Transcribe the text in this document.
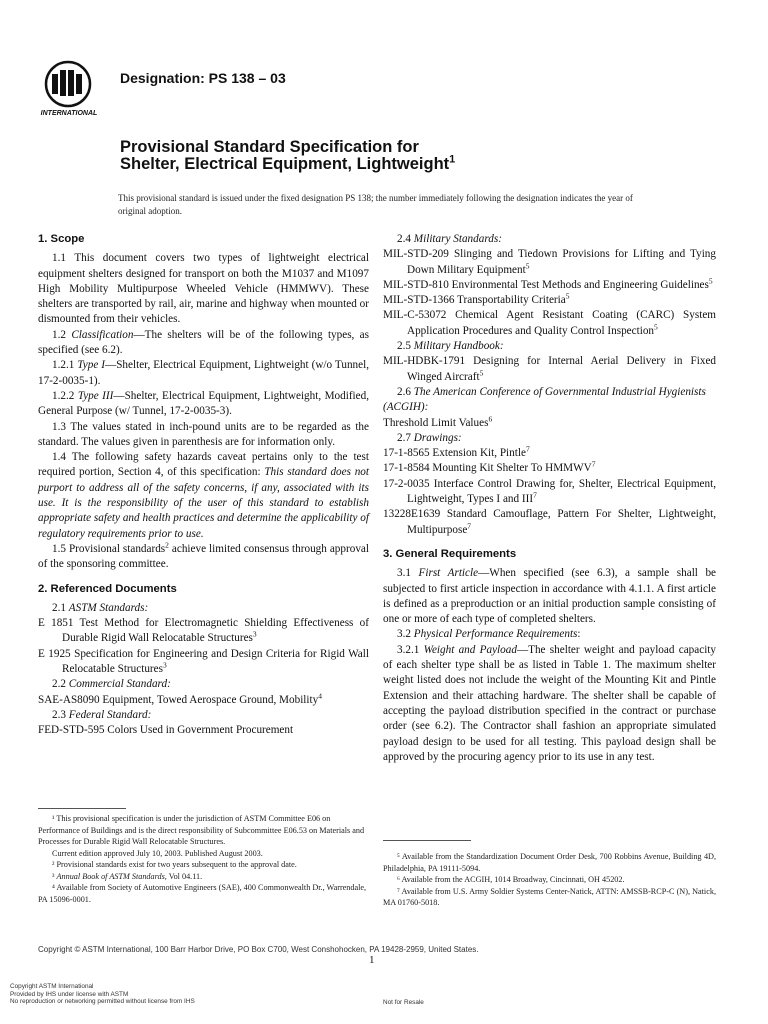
INTERNATIONAL
Designation: PS 138 – 03
Provisional Standard Specification for
Shelter, Electrical Equipment, Lightweight$^1$
This provisional standard is issued under the fixed designation PS 138; the number immediately following the designation indicates the year of original adoption.
1. Scope

1.1 This document covers two types of lightweight electrical equipment shelters designed for transport on both the M1037 and M1097 High Mobility Multipurpose Wheeled Vehicle (HMMWV). These shelters are transported by rail, air, marine and highway when mounted or dismounted from their vehicles.

1.2 Classification—The shelters will be of the following types, as specified (see 6.2).

1.2.1 Type I—Shelter, Electrical Equipment, Lightweight (w/o Tunnel, 17-2-0035-1).

1.2.2 Type III—Shelter, Electrical Equipment, Lightweight, Modified, General Purpose (w/ Tunnel, 17-2-0035-3).

1.3 The values stated in inch-pound units are to be regarded as the standard. The values given in parenthesis are for information only.

1.4 The following safety hazards caveat pertains only to the test required portion, Section 4, of this specification: This standard does not purport to address all of the safety concerns, if any, associated with its use. It is the responsibility of the user of this standard to establish appropriate safety and health practices and determine the applicability of regulatory requirements prior to use.

1.5 Provisional standards$^2$ achieve limited consensus through approval of the sponsoring committee.

2. Referenced Documents

2.1 ASTM Standards:

E 1851 Test Method for Electromagnetic Shielding Effectiveness of Durable Rigid Wall Relocatable Structures$^3$

E 1925 Specification for Engineering and Design Criteria for Rigid Wall Relocatable Structures$^3$

2.2 Commercial Standard:

SAE-AS8090 Equipment, Towed Aerospace Ground, Mobility$^4$

2.3 Federal Standard:

FED-STD-595 Colors Used in Government Procurement

2.4 Military Standards:

MIL-STD-209 Slinging and Tiedown Provisions for Lifting and Tying Down Military Equipment$^5$

MIL-STD-810 Environmental Test Methods and Engineering Guidelines$^5$

MIL-STD-1366 Transportability Criteria$^5$

MIL-C-53072 Chemical Agent Resistant Coating (CARC) System Application Procedures and Quality Control Inspection$^5$

2.5 Military Handbook:

MIL-HDBK-1791 Designing for Internal Aerial Delivery in Fixed Winged Aircraft$^5$

2.6 The American Conference of Governmental Industrial Hygienists (ACGIH):

Threshold Limit Values$^6$

2.7 Drawings:

17-1-8565 Extension Kit, Pintle$^7$

17-1-8584 Mounting Kit Shelter To HMMWV$^7$

17-2-0035 Interface Control Drawing for, Shelter, Electrical Equipment, Lightweight, Types I and III$^7$

13228E1639 Standard Camouflage, Pattern For Shelter, Lightweight, Multipurpose$^7$

3. General Requirements

3.1 First Article—When specified (see 6.3), a sample shall be subjected to first article inspection in accordance with 4.1.1. A first article is defined as a preproduction or an initial production sample consisting of one or more of each type of completed shelters.

3.2 Physical Performance Requirements:

3.2.1 Weight and Payload—The shelter weight and payload capacity of each shelter type shall be as listed in Table 1. The maximum shelter weight listed does not include the weight of the Mounting Kit and Pintle Extension and their attaching hardware. The shelter shall be capable of accepting the payload distribution specified in the contract or purchase order (see 6.2). The Contractor shall fashion an appropriate simulated payload design to be used for all testing. This payload design shall be approved by the procuring agency prior to its use in any test.

¹ This provisional specification is under the jurisdiction of ASTM Committee E06 on Performance of Buildings and is the direct responsibility of Subcommittee E06.53 on Materials and Processes for Durable Rigid Wall Relocatable Structures.

Current edition approved July 10, 2003. Published August 2003.

² Provisional standards exist for two years subsequent to the approval date.

³ Annual Book of ASTM Standards, Vol 04.11.

⁴ Available from Society of Automotive Engineers (SAE), 400 Commonwealth Dr., Warrendale, PA 15096-0001.

⁵ Available from the Standardization Document Order Desk, 700 Robbins Avenue, Building 4D, Philadelphia, PA 19111-5094.

⁶ Available from the ACGIH, 1014 Broadway, Cincinnati, OH 45202.

⁷ Available from U.S. Army Soldier Systems Center-Natick, ATTN: AMSSB-RCP-C (N), Natick, MA 01760-5018.

Copyright © ASTM International, 100 Barr Harbor Drive, PO Box C700, West Conshohocken, PA 19428-2959, United States.
1
Copyright ASTM International
Provided by IHS under license with ASTM
No reproduction or networking permitted without license from IHS	Not for Resale
